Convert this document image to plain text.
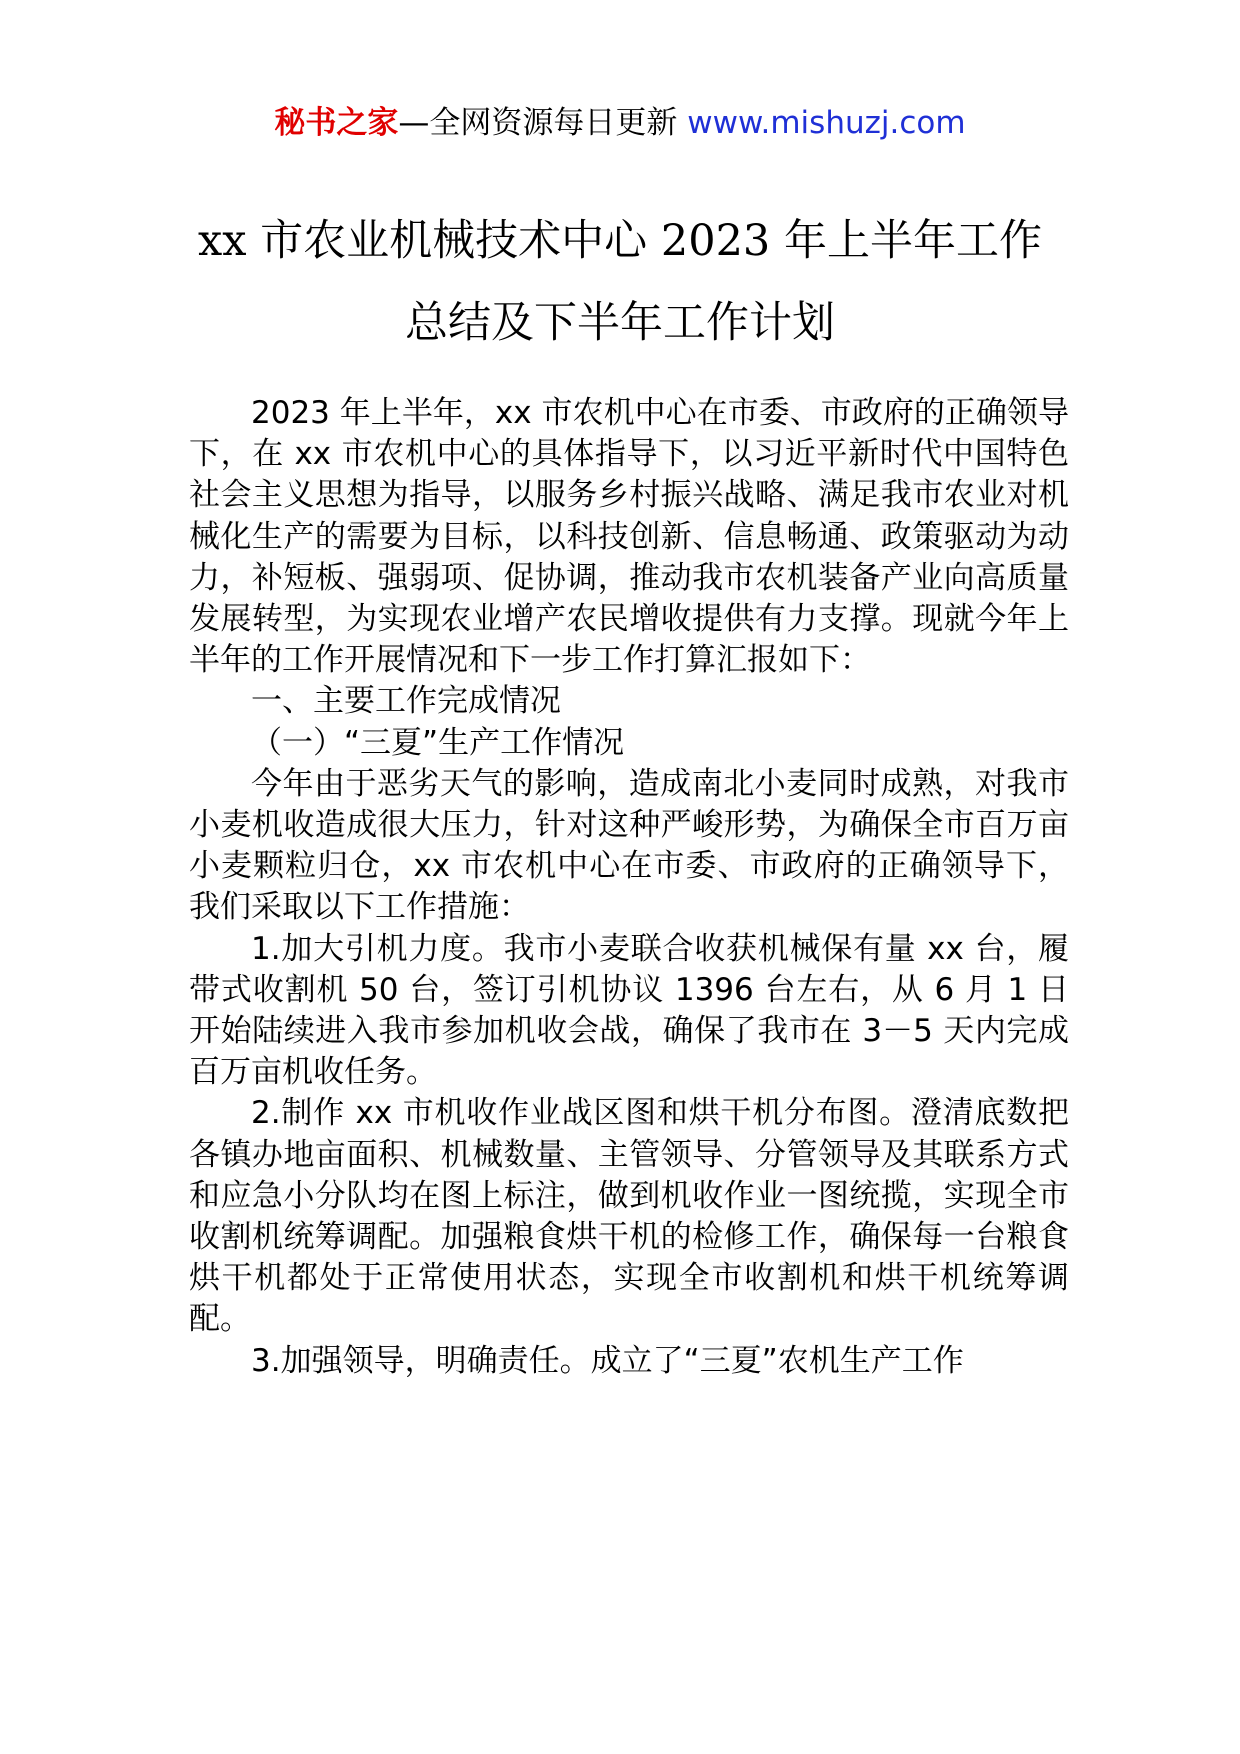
秘书之家—全网资源每日更新 www.mishuzj.com
xx 市农业机械技术中心 2023 年上半年工作
总结及下半年工作计划

2023 年上半年，xx 市农机中心在市委、市政府的正确领导下，在 xx 市农机中心的具体指导下，以习近平新时代中国特色社会主义思想为指导，以服务乡村振兴战略、满足我市农业对机械化生产的需要为目标，以科技创新、信息畅通、政策驱动为动力，补短板、强弱项、促协调，推动我市农机装备产业向高质量发展转型，为实现农业增产农民增收提供有力支撑。现就今年上半年的工作开展情况和下一步工作打算汇报如下：

一、主要工作完成情况

（一）“三夏”生产工作情况

今年由于恶劣天气的影响，造成南北小麦同时成熟，对我市小麦机收造成很大压力，针对这种严峻形势，为确保全市百万亩小麦颗粒归仓，xx 市农机中心在市委、市政府的正确领导下，我们采取以下工作措施：

1.加大引机力度。我市小麦联合收获机械保有量 xx 台，履带式收割机 50 台，签订引机协议 1396 台左右，从 6 月 1 日开始陆续进入我市参加机收会战，确保了我市在 3－5 天内完成百万亩机收任务。

2.制作 xx 市机收作业战区图和烘干机分布图。澄清底数把各镇办地亩面积、机械数量、主管领导、分管领导及其联系方式和应急小分队均在图上标注，做到机收作业一图统揽，实现全市收割机统筹调配。加强粮食烘干机的检修工作，确保每一台粮食烘干机都处于正常使用状态，实现全市收割机和烘干机统筹调配。

3.加强领导，明确责任。成立了“三夏”农机生产工作
